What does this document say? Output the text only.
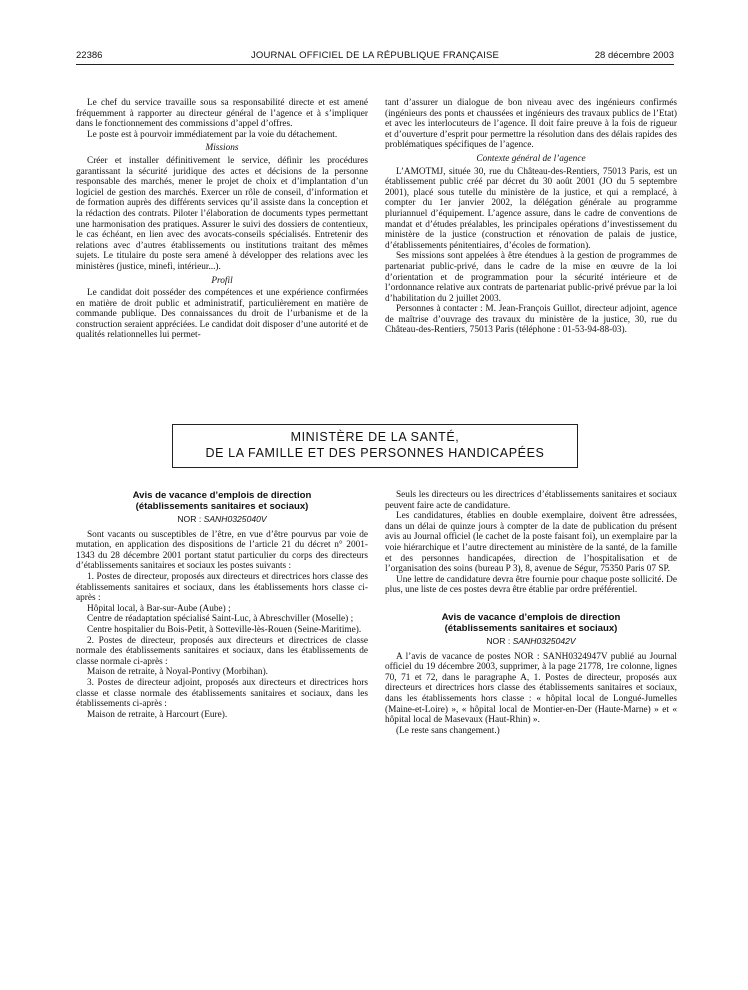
22386	JOURNAL OFFICIEL DE LA RÉPUBLIQUE FRANÇAISE	28 décembre 2003

Le chef du service travaille sous sa responsabilité directe et est amené fréquemment à rapporter au directeur général de l’agence et à s’impliquer dans le fonctionnement des commissions d’appel d’offres.

Le poste est à pourvoir immédiatement par la voie du détachement.

Missions

Créer et installer définitivement le service, définir les procédures garantissant la sécurité juridique des actes et décisions de la personne responsable des marchés, mener le projet de choix et d’implantation d’un logiciel de gestion des marchés. Exercer un rôle de conseil, d’information et de formation auprès des différents services qu’il assiste dans la conception et la rédaction des contrats. Piloter l’élaboration de documents types permettant une harmonisation des pratiques. Assurer le suivi des dossiers de contentieux, le cas échéant, en lien avec des avocats-conseils spécialisés. Entretenir des relations avec d’autres établissements ou institutions traitant des mêmes sujets. Le titulaire du poste sera amené à développer des relations avec les ministères (justice, minefi, intérieur...).

Profil

Le candidat doit posséder des compétences et une expérience confirmées en matière de droit public et administratif, particulièrement en matière de commande publique. Des connaissances du droit de l’urbanisme et de la construction seraient appréciées. Le candidat doit disposer d’une autorité et de qualités relationnelles lui permet-

tant d’assurer un dialogue de bon niveau avec des ingénieurs confirmés (ingénieurs des ponts et chaussées et ingénieurs des travaux publics de l’Etat) et avec les interlocuteurs de l’agence. Il doit faire preuve à la fois de rigueur et d’ouverture d’esprit pour permettre la résolution dans des délais rapides des problématiques spécifiques de l’agence.

Contexte général de l’agence

L’AMOTMJ, située 30, rue du Château-des-Rentiers, 75013 Paris, est un établissement public créé par décret du 30 août 2001 (JO du 5 septembre 2001), placé sous tutelle du ministère de la justice, et qui a remplacé, à compter du 1er janvier 2002, la délégation générale au programme pluriannuel d’équipement. L’agence assure, dans le cadre de conventions de mandat et d’études préalables, les principales opérations d’investissement du ministère de la justice (construction et rénovation de palais de justice, d’établissements pénitentiaires, d’écoles de formation).

Ses missions sont appelées à être étendues à la gestion de programmes de partenariat public-privé, dans le cadre de la mise en œuvre de la loi d’orientation et de programmation pour la sécurité intérieure et de l’ordonnance relative aux contrats de partenariat public-privé prévue par la loi d’habilitation du 2 juillet 2003.

Personnes à contacter : M. Jean-François Guillot, directeur adjoint, agence de maîtrise d’ouvrage des travaux du ministère de la justice, 30, rue du Château-des-Rentiers, 75013 Paris (téléphone : 01-53-94-88-03).

MINISTÈRE DE LA SANTÉ,
DE LA FAMILLE ET DES PERSONNES HANDICAPÉES
Avis de vacance d’emplois de direction
(établissements sanitaires et sociaux)
NOR : SANH0325040V

Sont vacants ou susceptibles de l’être, en vue d’être pourvus par voie de mutation, en application des dispositions de l’article 21 du décret n° 2001-1343 du 28 décembre 2001 portant statut particulier du corps des directeurs d’établissements sanitaires et sociaux les postes suivants :

1. Postes de directeur, proposés aux directeurs et directrices hors classe des établissements sanitaires et sociaux, dans les établissements hors classe ci-après :

Hôpital local, à Bar-sur-Aube (Aube) ;

Centre de réadaptation spécialisé Saint-Luc, à Abreschviller (Moselle) ;

Centre hospitalier du Bois-Petit, à Sotteville-lès-Rouen (Seine-Maritime).

2. Postes de directeur, proposés aux directeurs et directrices de classe normale des établissements sanitaires et sociaux, dans les établissements de classe normale ci-après :

Maison de retraite, à Noyal-Pontivy (Morbihan).

3. Postes de directeur adjoint, proposés aux directeurs et directrices hors classe et classe normale des établissements sanitaires et sociaux, dans les établissements ci-après :

Maison de retraite, à Harcourt (Eure).

Seuls les directeurs ou les directrices d’établissements sanitaires et sociaux peuvent faire acte de candidature.

Les candidatures, établies en double exemplaire, doivent être adressées, dans un délai de quinze jours à compter de la date de publication du présent avis au Journal officiel (le cachet de la poste faisant foi), un exemplaire par la voie hiérarchique et l’autre directement au ministère de la santé, de la famille et des personnes handicapées, direction de l’hospitalisation et de l’organisation des soins (bureau P 3), 8, avenue de Ségur, 75350 Paris 07 SP.

Une lettre de candidature devra être fournie pour chaque poste sollicité. De plus, une liste de ces postes devra être établie par ordre préférentiel.

Avis de vacance d’emplois de direction
(établissements sanitaires et sociaux)
NOR : SANH0325042V

A l’avis de vacance de postes NOR : SANH0324947V publié au Journal officiel du 19 décembre 2003, supprimer, à la page 21778, 1re colonne, lignes 70, 71 et 72, dans le paragraphe A, 1. Postes de directeur, proposés aux directeurs et directrices hors classe des établissements sanitaires et sociaux, dans les établissements hors classe : « hôpital local de Longué-Jumelles (Maine-et-Loire) », « hôpital local de Montier-en-Der (Haute-Marne) » et « hôpital local de Masevaux (Haut-Rhin) ».

(Le reste sans changement.)
